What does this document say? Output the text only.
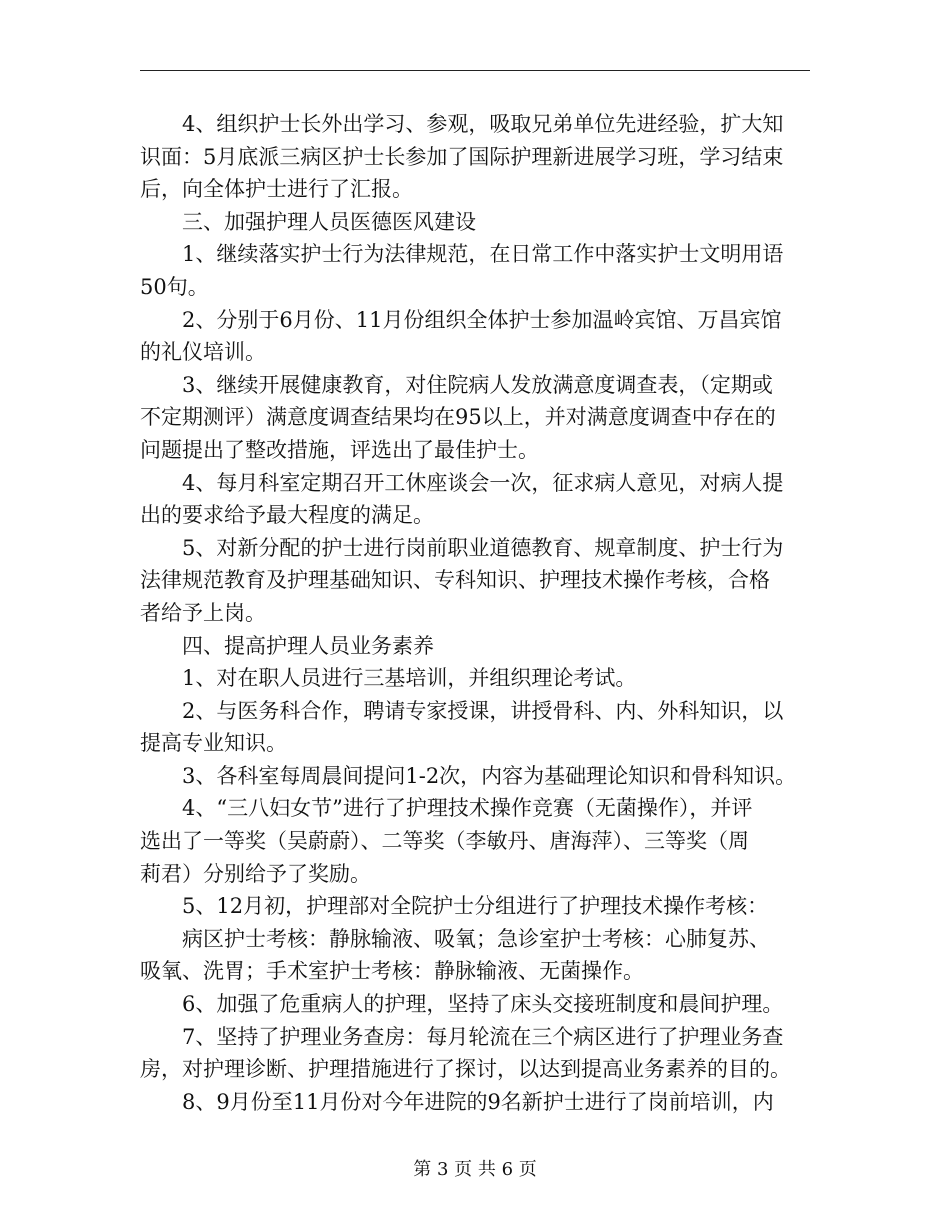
4、组织护士长外出学习、参观，吸取兄弟单位先进经验，扩大知
识面：5月底派三病区护士长参加了国际护理新进展学习班，学习结束
后，向全体护士进行了汇报。
三、加强护理人员医德医风建设
1、继续落实护士行为法律规范，在日常工作中落实护士文明用语
50句。
2、分别于6月份、11月份组织全体护士参加温岭宾馆、万昌宾馆
的礼仪培训。
3、继续开展健康教育，对住院病人发放满意度调查表，（定期或
不定期测评）满意度调查结果均在95以上，并对满意度调查中存在的
问题提出了整改措施，评选出了最佳护士。
4、每月科室定期召开工休座谈会一次，征求病人意见，对病人提
出的要求给予最大程度的满足。
5、对新分配的护士进行岗前职业道德教育、规章制度、护士行为
法律规范教育及护理基础知识、专科知识、护理技术操作考核，合格
者给予上岗。
四、提高护理人员业务素养
1、对在职人员进行三基培训，并组织理论考试。
2、与医务科合作，聘请专家授课，讲授骨科、内、外科知识，以
提高专业知识。
3、各科室每周晨间提问1-2次，内容为基础理论知识和骨科知识。
4、“三八妇女节”进行了护理技术操作竞赛（无菌操作），并评
选出了一等奖（吴蔚蔚）、二等奖（李敏丹、唐海萍）、三等奖（周
莉君）分别给予了奖励。
5、12月初，护理部对全院护士分组进行了护理技术操作考核：
病区护士考核：静脉输液、吸氧；急诊室护士考核：心肺复苏、
吸氧、洗胃；手术室护士考核：静脉输液、无菌操作。
6、加强了危重病人的护理，坚持了床头交接班制度和晨间护理。
7、坚持了护理业务查房：每月轮流在三个病区进行了护理业务查
房，对护理诊断、护理措施进行了探讨，以达到提高业务素养的目的。
8、9月份至11月份对今年进院的9名新护士进行了岗前培训，内
第 3 页 共 6 页
